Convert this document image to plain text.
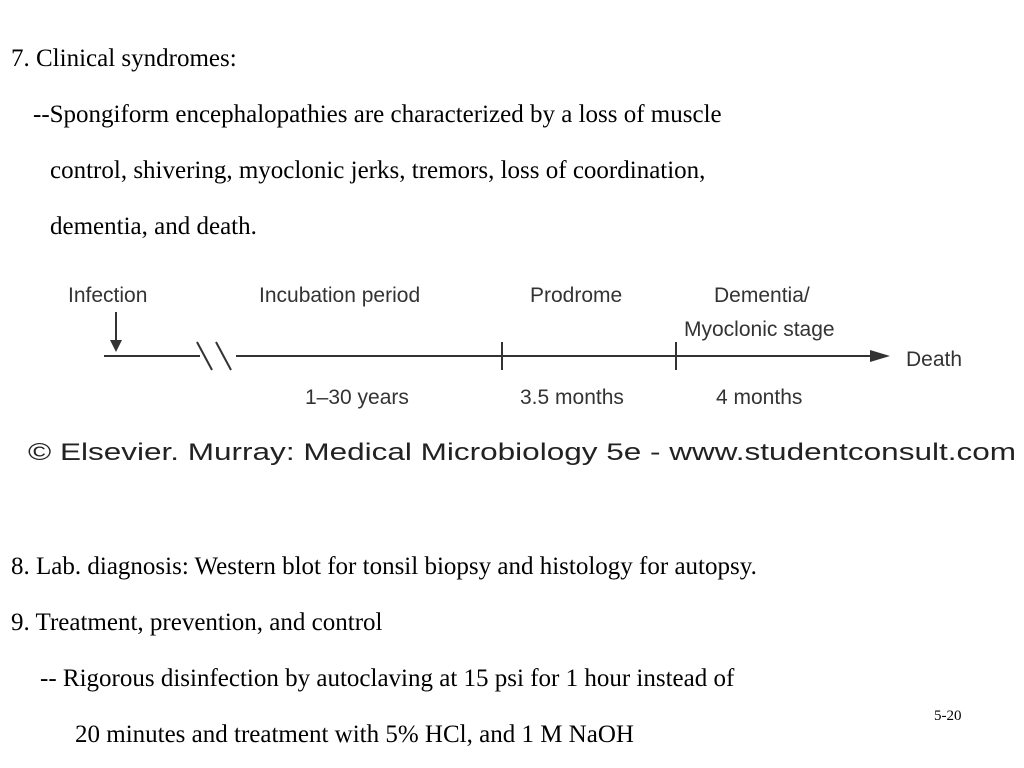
7. Clinical syndromes:
--Spongiform encephalopathies are characterized by a loss of muscle
control, shivering, myoclonic jerks, tremors, loss of coordination,
dementia, and death.
Infection	Incubation period	Prodrome	Dementia/
Myoclonic stage
Death
1–30 years	3.5 months	4 months
© Elsevier. Murray: Medical Microbiology 5e - www.studentconsult.com
8. Lab. diagnosis: Western blot for tonsil biopsy and histology for autopsy.
9. Treatment, prevention, and control
-- Rigorous disinfection by autoclaving at 15 psi for 1 hour instead of
20 minutes and treatment with 5% HCl, and 1 M NaOH
5-20
